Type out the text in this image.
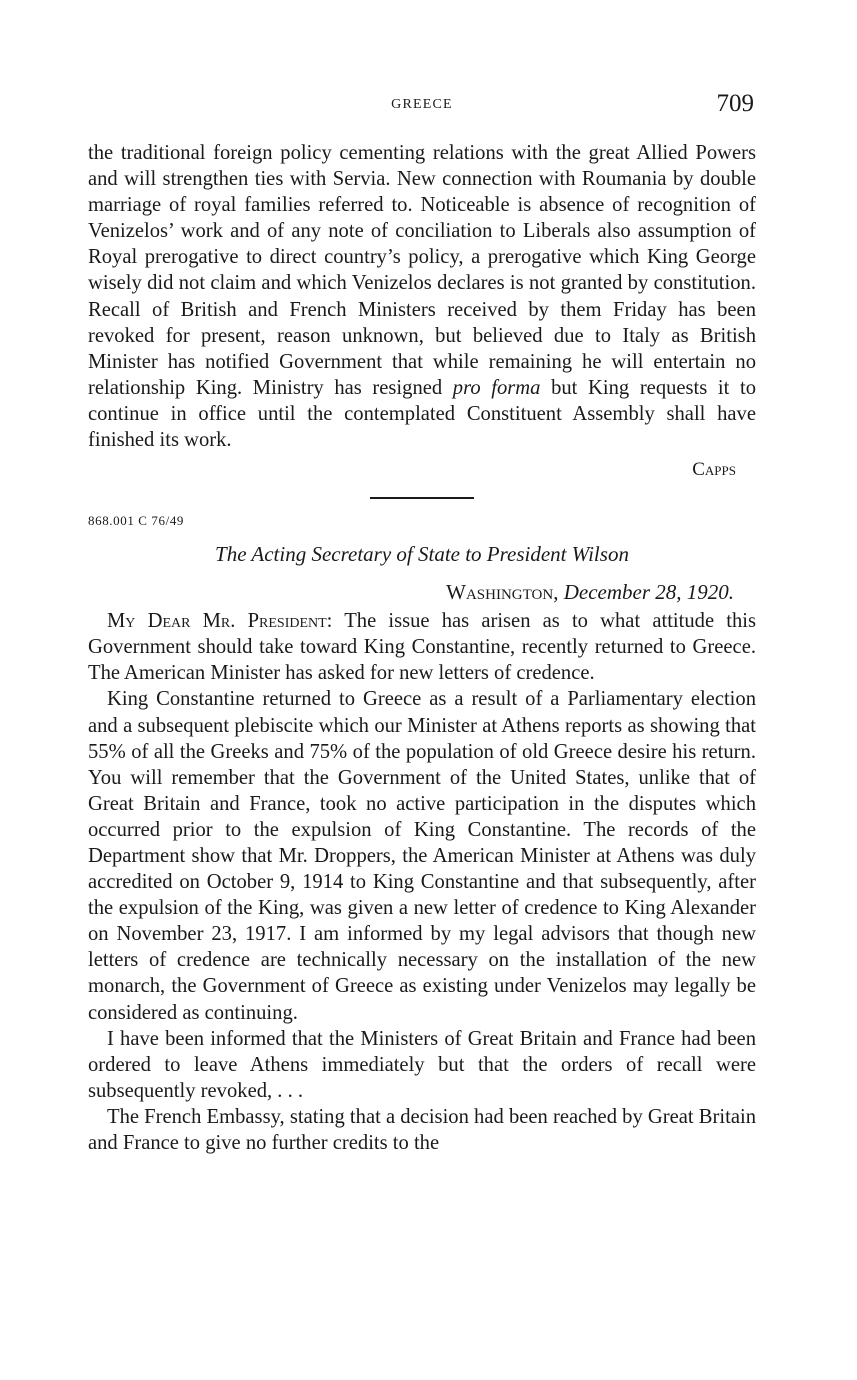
GREECE	709

the traditional foreign policy cementing relations with the great Allied Powers and will strengthen ties with Servia. New connection with Roumania by double marriage of royal families referred to. Noticeable is absence of recognition of Venizelos’ work and of any note of conciliation to Liberals also assumption of Royal prerogative to direct country’s policy, a prerogative which King George wisely did not claim and which Venizelos declares is not granted by constitution. Recall of British and French Ministers received by them Friday has been revoked for present, reason unknown, but believed due to Italy as British Minister has notified Government that while remaining he will entertain no relationship King. Ministry has resigned pro forma but King requests it to continue in office until the contemplated Constituent Assembly shall have finished its work.

Capps
868.001 C 76/49
The Acting Secretary of State to President Wilson
Washington, December 28, 1920.

My Dear Mr. President: The issue has arisen as to what attitude this Government should take toward King Constantine, recently returned to Greece. The American Minister has asked for new letters of credence.

King Constantine returned to Greece as a result of a Parliamentary election and a subsequent plebiscite which our Minister at Athens reports as showing that 55% of all the Greeks and 75% of the population of old Greece desire his return. You will remember that the Government of the United States, unlike that of Great Britain and France, took no active participation in the disputes which occurred prior to the expulsion of King Constantine. The records of the Department show that Mr. Droppers, the American Minister at Athens was duly accredited on October 9, 1914 to King Constantine and that subsequently, after the expulsion of the King, was given a new letter of credence to King Alexander on November 23, 1917. I am informed by my legal advisors that though new letters of credence are technically necessary on the installation of the new monarch, the Government of Greece as existing under Venizelos may legally be considered as continuing.

I have been informed that the Ministers of Great Britain and France had been ordered to leave Athens immediately but that the orders of recall were subsequently revoked, . . .

The French Embassy, stating that a decision had been reached by Great Britain and France to give no further credits to the
